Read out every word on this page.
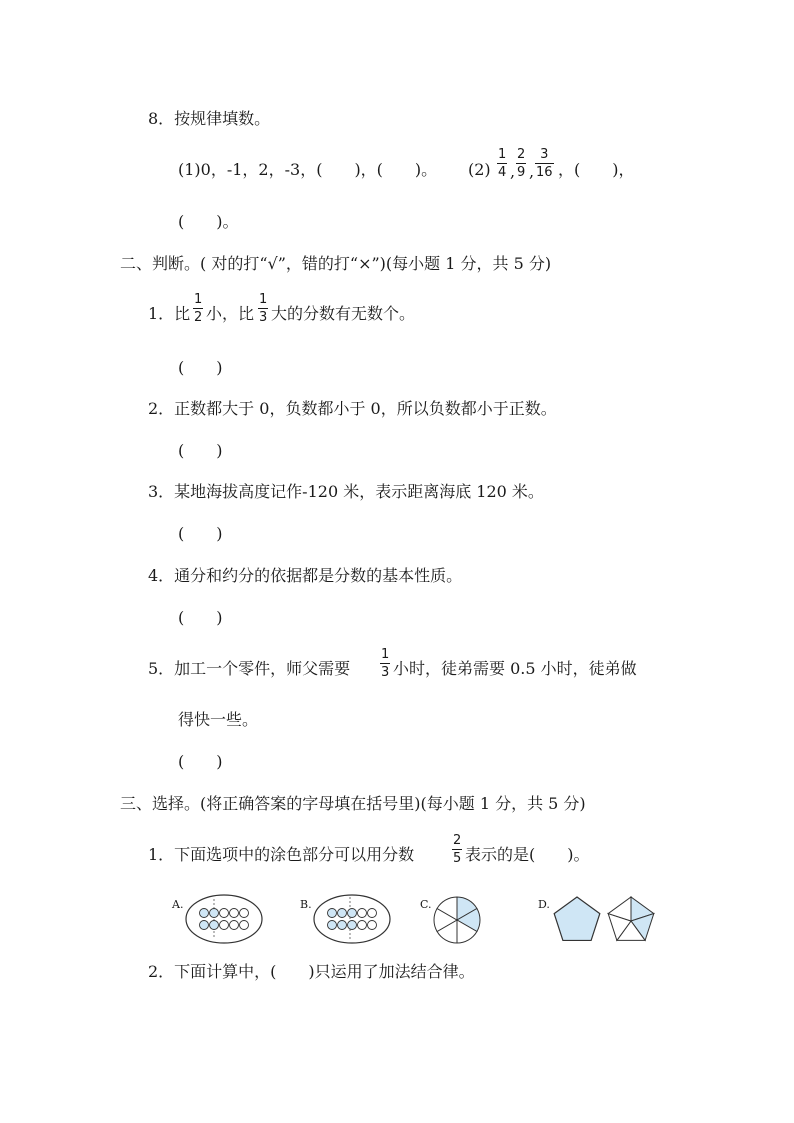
8．按规律填数。
(1)0，-1，2，-3，(　　)，(　　)。 (2)
1
4 ,
2
9 ,
3
16 ，(　　)，
(　　)。
二、判断。( 对的打“√”，错的打“×”)(每小题 1 分，共 5 分)
1．比
1
2 小，比
1
3 大的分数有无数个。
(　　)
2．正数都大于 0，负数都小于 0，所以负数都小于正数。
(　　)
3．某地海拔高度记作-120 米，表示距离海底 120 米。
(　　)
4．通分和约分的依据都是分数的基本性质。
(　　)
5．加工一个零件，师父需要
1
3 小时，徒弟需要 0.5 小时，徒弟做
得快一些。
(　　)
三、选择。(将正确答案的字母填在括号里)(每小题 1 分，共 5 分)
1．下面选项中的涂色部分可以用分数
2
5 表示的是(　　)。
A.	B.	C.	D.
2．下面计算中，(　　)只运用了加法结合律。
